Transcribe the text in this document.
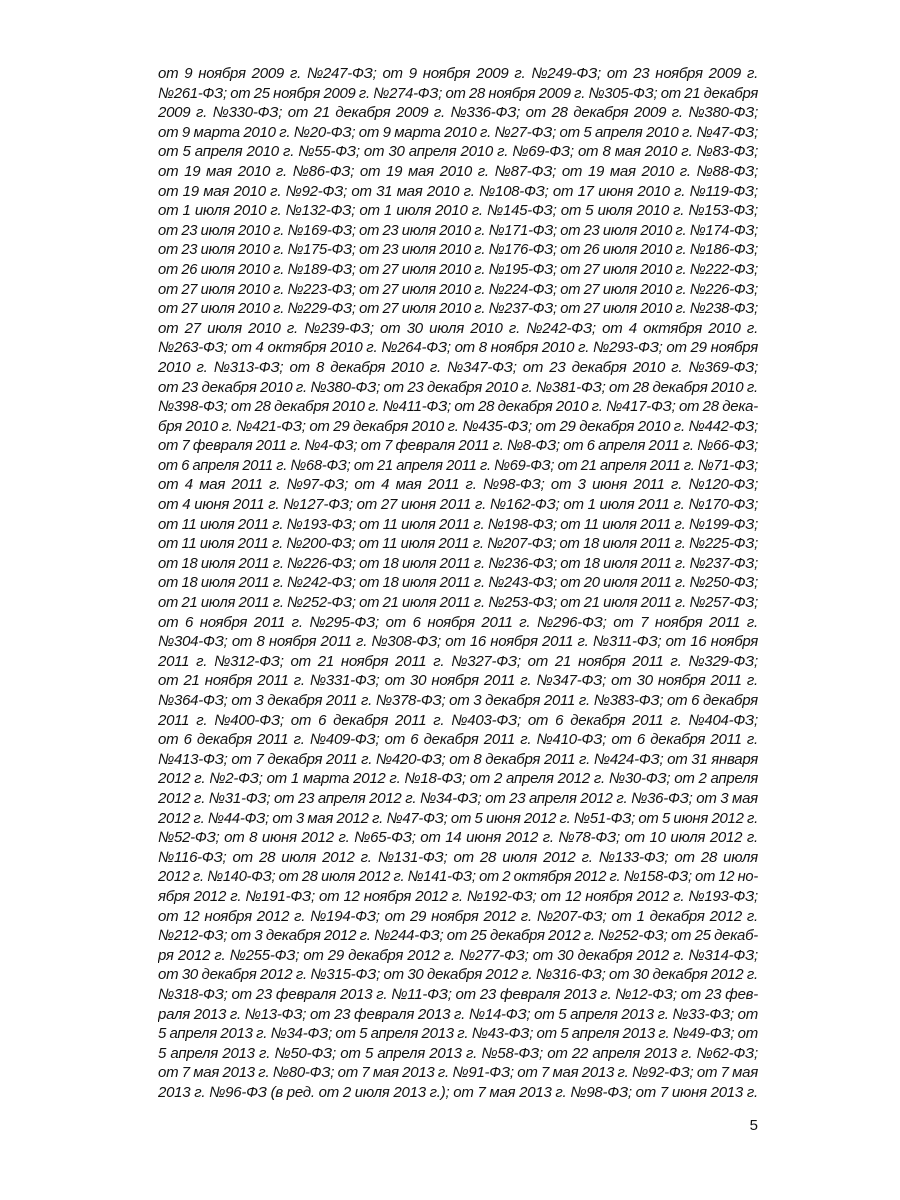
от 9 ноября 2009 г. №247-ФЗ; от 9 ноября 2009 г. №249-ФЗ; от 23 ноября 2009 г.
№261-ФЗ; от 25 ноября 2009 г. №274-ФЗ; от 28 ноября 2009 г. №305-ФЗ; от 21 декабря
2009 г. №330-ФЗ; от 21 декабря 2009 г. №336-ФЗ; от 28 декабря 2009 г. №380-ФЗ;
от 9 марта 2010 г. №20-ФЗ; от 9 марта 2010 г. №27-ФЗ; от 5 апреля 2010 г. №47-ФЗ;
от 5 апреля 2010 г. №55-ФЗ; от 30 апреля 2010 г. №69-ФЗ; от 8 мая 2010 г. №83-ФЗ;
от 19 мая 2010 г. №86-ФЗ; от 19 мая 2010 г. №87-ФЗ; от 19 мая 2010 г. №88-ФЗ;
от 19 мая 2010 г. №92-ФЗ; от 31 мая 2010 г. №108-ФЗ; от 17 июня 2010 г. №119-ФЗ;
от 1 июля 2010 г. №132-ФЗ; от 1 июля 2010 г. №145-ФЗ; от 5 июля 2010 г. №153-ФЗ;
от 23 июля 2010 г. №169-ФЗ; от 23 июля 2010 г. №171-ФЗ; от 23 июля 2010 г. №174-ФЗ;
от 23 июля 2010 г. №175-ФЗ; от 23 июля 2010 г. №176-ФЗ; от 26 июля 2010 г. №186-ФЗ;
от 26 июля 2010 г. №189-ФЗ; от 27 июля 2010 г. №195-ФЗ; от 27 июля 2010 г. №222-ФЗ;
от 27 июля 2010 г. №223-ФЗ; от 27 июля 2010 г. №224-ФЗ; от 27 июля 2010 г. №226-ФЗ;
от 27 июля 2010 г. №229-ФЗ; от 27 июля 2010 г. №237-ФЗ; от 27 июля 2010 г. №238-ФЗ;
от 27 июля 2010 г. №239-ФЗ; от 30 июля 2010 г. №242-ФЗ; от 4 октября 2010 г.
№263-ФЗ; от 4 октября 2010 г. №264-ФЗ; от 8 ноября 2010 г. №293-ФЗ; от 29 ноября
2010 г. №313-ФЗ; от 8 декабря 2010 г. №347-ФЗ; от 23 декабря 2010 г. №369-ФЗ;
от 23 декабря 2010 г. №380-ФЗ; от 23 декабря 2010 г. №381-ФЗ; от 28 декабря 2010 г.
№398-ФЗ; от 28 декабря 2010 г. №411-ФЗ; от 28 декабря 2010 г. №417-ФЗ; от 28 дека-
бря 2010 г. №421-ФЗ; от 29 декабря 2010 г. №435-ФЗ; от 29 декабря 2010 г. №442-ФЗ;
от 7 февраля 2011 г. №4-ФЗ; от 7 февраля 2011 г. №8-ФЗ; от 6 апреля 2011 г. №66-ФЗ;
от 6 апреля 2011 г. №68-ФЗ; от 21 апреля 2011 г. №69-ФЗ; от 21 апреля 2011 г. №71-ФЗ;
от 4 мая 2011 г. №97-ФЗ; от 4 мая 2011 г. №98-ФЗ; от 3 июня 2011 г. №120-ФЗ;
от 4 июня 2011 г. №127-ФЗ; от 27 июня 2011 г. №162-ФЗ; от 1 июля 2011 г. №170-ФЗ;
от 11 июля 2011 г. №193-ФЗ; от 11 июля 2011 г. №198-ФЗ; от 11 июля 2011 г. №199-ФЗ;
от 11 июля 2011 г. №200-ФЗ; от 11 июля 2011 г. №207-ФЗ; от 18 июля 2011 г. №225-ФЗ;
от 18 июля 2011 г. №226-ФЗ; от 18 июля 2011 г. №236-ФЗ; от 18 июля 2011 г. №237-ФЗ;
от 18 июля 2011 г. №242-ФЗ; от 18 июля 2011 г. №243-ФЗ; от 20 июля 2011 г. №250-ФЗ;
от 21 июля 2011 г. №252-ФЗ; от 21 июля 2011 г. №253-ФЗ; от 21 июля 2011 г. №257-ФЗ;
от 6 ноября 2011 г. №295-ФЗ; от 6 ноября 2011 г. №296-ФЗ; от 7 ноября 2011 г.
№304-ФЗ; от 8 ноября 2011 г. №308-ФЗ; от 16 ноября 2011 г. №311-ФЗ; от 16 ноября
2011 г. №312-ФЗ; от 21 ноября 2011 г. №327-ФЗ; от 21 ноября 2011 г. №329-ФЗ;
от 21 ноября 2011 г. №331-ФЗ; от 30 ноября 2011 г. №347-ФЗ; от 30 ноября 2011 г.
№364-ФЗ; от 3 декабря 2011 г. №378-ФЗ; от 3 декабря 2011 г. №383-ФЗ; от 6 декабря
2011 г. №400-ФЗ; от 6 декабря 2011 г. №403-ФЗ; от 6 декабря 2011 г. №404-ФЗ;
от 6 декабря 2011 г. №409-ФЗ; от 6 декабря 2011 г. №410-ФЗ; от 6 декабря 2011 г.
№413-ФЗ; от 7 декабря 2011 г. №420-ФЗ; от 8 декабря 2011 г. №424-ФЗ; от 31 января
2012 г. №2-ФЗ; от 1 марта 2012 г. №18-ФЗ; от 2 апреля 2012 г. №30-ФЗ; от 2 апреля
2012 г. №31-ФЗ; от 23 апреля 2012 г. №34-ФЗ; от 23 апреля 2012 г. №36-ФЗ; от 3 мая
2012 г. №44-ФЗ; от 3 мая 2012 г. №47-ФЗ; от 5 июня 2012 г. №51-ФЗ; от 5 июня 2012 г.
№52-ФЗ; от 8 июня 2012 г. №65-ФЗ; от 14 июня 2012 г. №78-ФЗ; от 10 июля 2012 г.
№116-ФЗ; от 28 июля 2012 г. №131-ФЗ; от 28 июля 2012 г. №133-ФЗ; от 28 июля
2012 г. №140-ФЗ; от 28 июля 2012 г. №141-ФЗ; от 2 октября 2012 г. №158-ФЗ; от 12 но-
ября 2012 г. №191-ФЗ; от 12 ноября 2012 г. №192-ФЗ; от 12 ноября 2012 г. №193-ФЗ;
от 12 ноября 2012 г. №194-ФЗ; от 29 ноября 2012 г. №207-ФЗ; от 1 декабря 2012 г.
№212-ФЗ; от 3 декабря 2012 г. №244-ФЗ; от 25 декабря 2012 г. №252-ФЗ; от 25 декаб-
ря 2012 г. №255-ФЗ; от 29 декабря 2012 г. №277-ФЗ; от 30 декабря 2012 г. №314-ФЗ;
от 30 декабря 2012 г. №315-ФЗ; от 30 декабря 2012 г. №316-ФЗ; от 30 декабря 2012 г.
№318-ФЗ; от 23 февраля 2013 г. №11-ФЗ; от 23 февраля 2013 г. №12-ФЗ; от 23 фев-
раля 2013 г. №13-ФЗ; от 23 февраля 2013 г. №14-ФЗ; от 5 апреля 2013 г. №33-ФЗ; от
5 апреля 2013 г. №34-ФЗ; от 5 апреля 2013 г. №43-ФЗ; от 5 апреля 2013 г. №49-ФЗ; от
5 апреля 2013 г. №50-ФЗ; от 5 апреля 2013 г. №58-ФЗ; от 22 апреля 2013 г. №62-ФЗ;
от 7 мая 2013 г. №80-ФЗ; от 7 мая 2013 г. №91-ФЗ; от 7 мая 2013 г. №92-ФЗ; от 7 мая
2013 г. №96-ФЗ (в ред. от 2 июля 2013 г.); от 7 мая 2013 г. №98-ФЗ; от 7 июня 2013 г.
5
